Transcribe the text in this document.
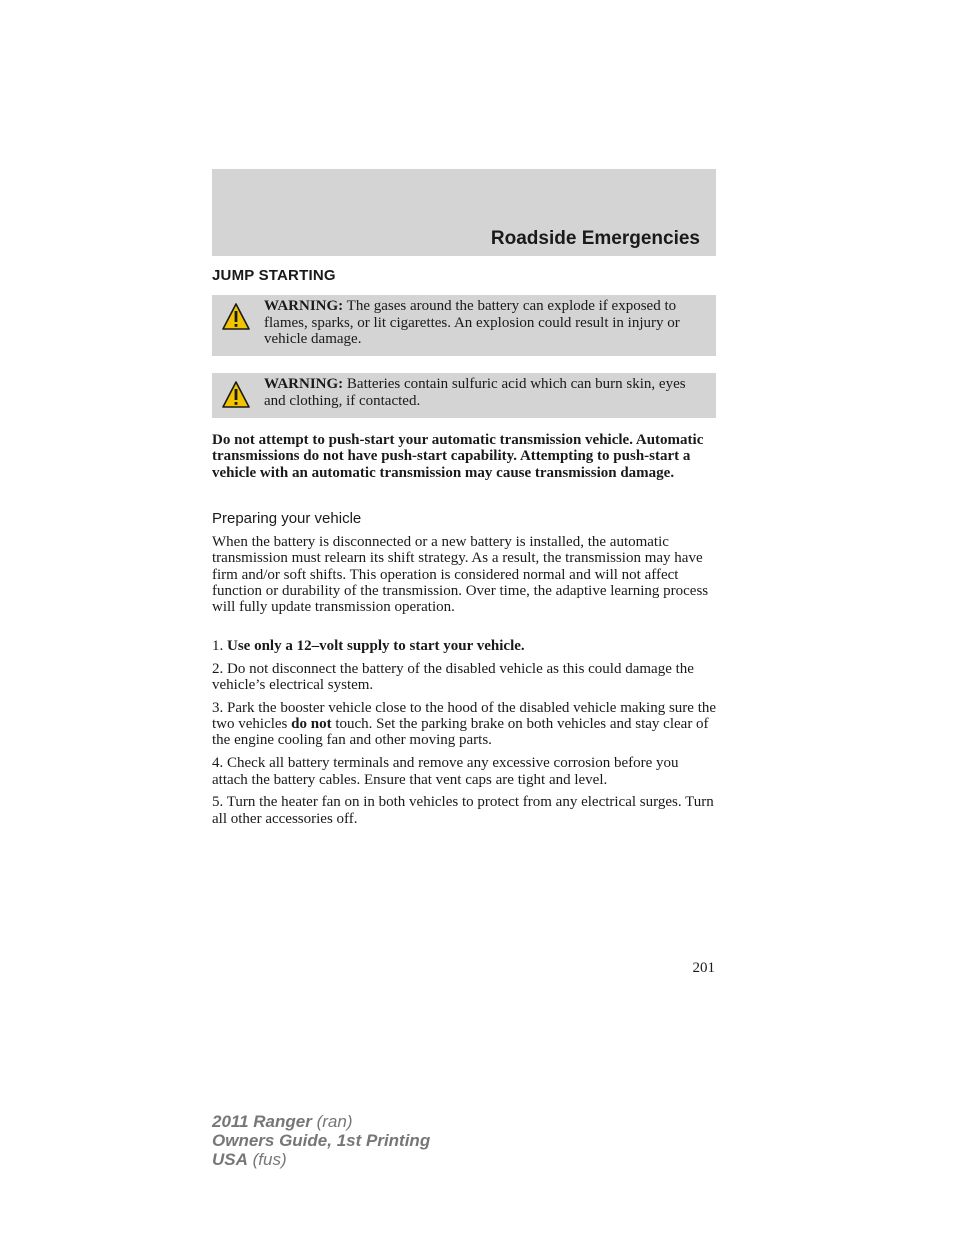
Roadside Emergencies
JUMP STARTING
WARNING: The gases around the battery can explode if exposed to flames, sparks, or lit cigarettes. An explosion could result in injury or vehicle damage.
WARNING: Batteries contain sulfuric acid which can burn skin, eyes and clothing, if contacted.
Do not attempt to push-start your automatic transmission vehicle. Automatic transmissions do not have push-start capability. Attempting to push-start a vehicle with an automatic transmission may cause transmission damage.
Preparing your vehicle
When the battery is disconnected or a new battery is installed, the automatic transmission must relearn its shift strategy. As a result, the transmission may have firm and/or soft shifts. This operation is considered normal and will not affect function or durability of the transmission. Over time, the adaptive learning process will fully update transmission operation.

1. Use only a 12–volt supply to start your vehicle.

2. Do not disconnect the battery of the disabled vehicle as this could damage the vehicle’s electrical system.

3. Park the booster vehicle close to the hood of the disabled vehicle making sure the two vehicles do not touch. Set the parking brake on both vehicles and stay clear of the engine cooling fan and other moving parts.

4. Check all battery terminals and remove any excessive corrosion before you attach the battery cables. Ensure that vent caps are tight and level.

5. Turn the heater fan on in both vehicles to protect from any electrical surges. Turn all other accessories off.

201
2011 Ranger (ran)
Owners Guide, 1st Printing
USA (fus)
